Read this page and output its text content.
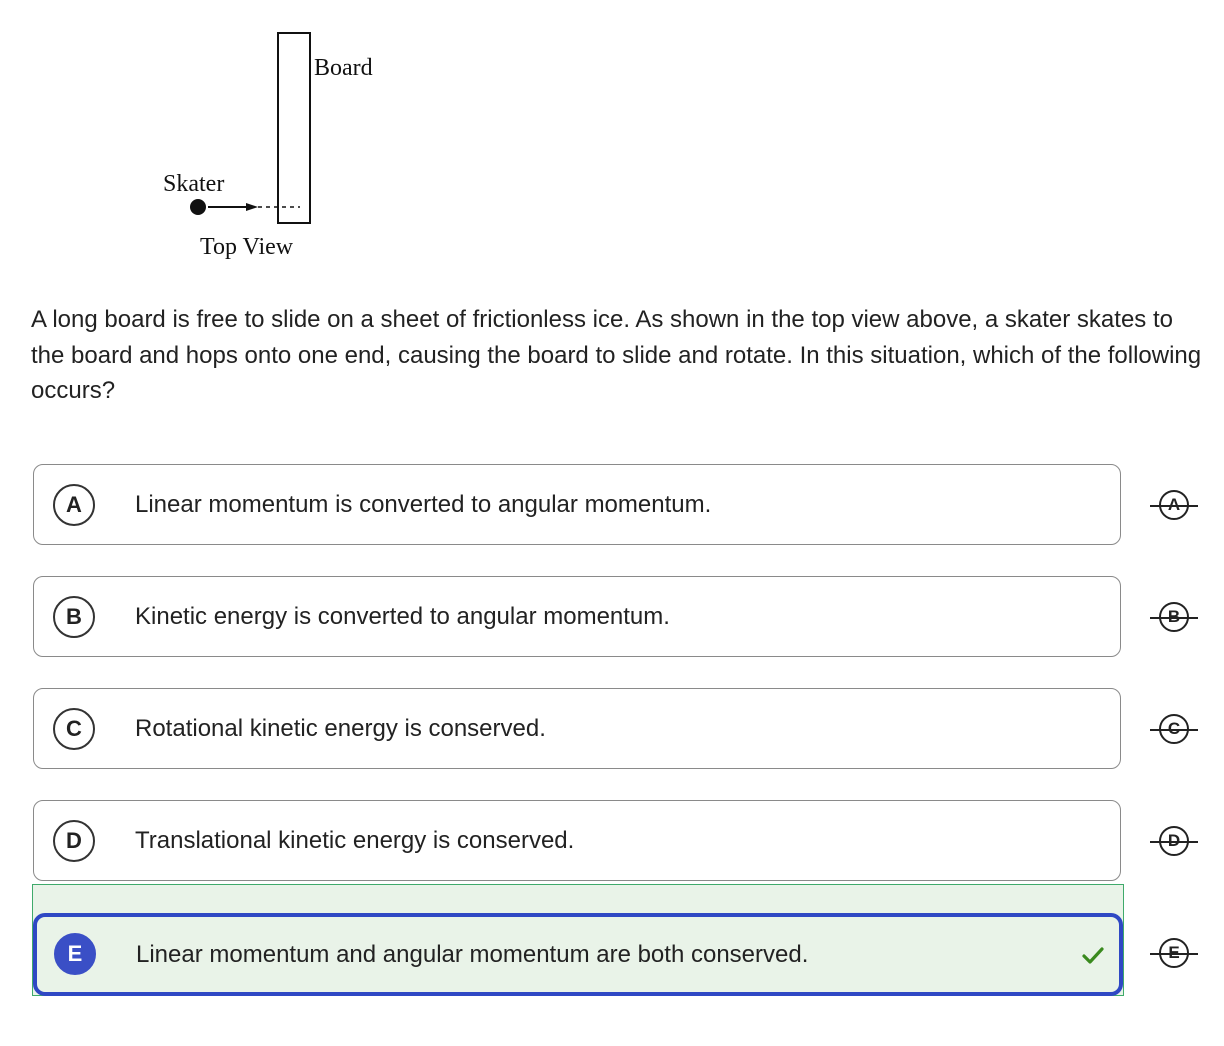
Board
Skater
Top View
A long board is free to slide on a sheet of frictionless ice. As shown in the top view above, a skater skates to the board and hops onto one end, causing the board to slide and rotate. In this situation, which of the following occurs?
A	Linear momentum is converted to angular momentum.
B	Kinetic energy is converted to angular momentum.
C	Rotational kinetic energy is conserved.
D	Translational kinetic energy is conserved.
E	Linear momentum and angular momentum are both conserved.
